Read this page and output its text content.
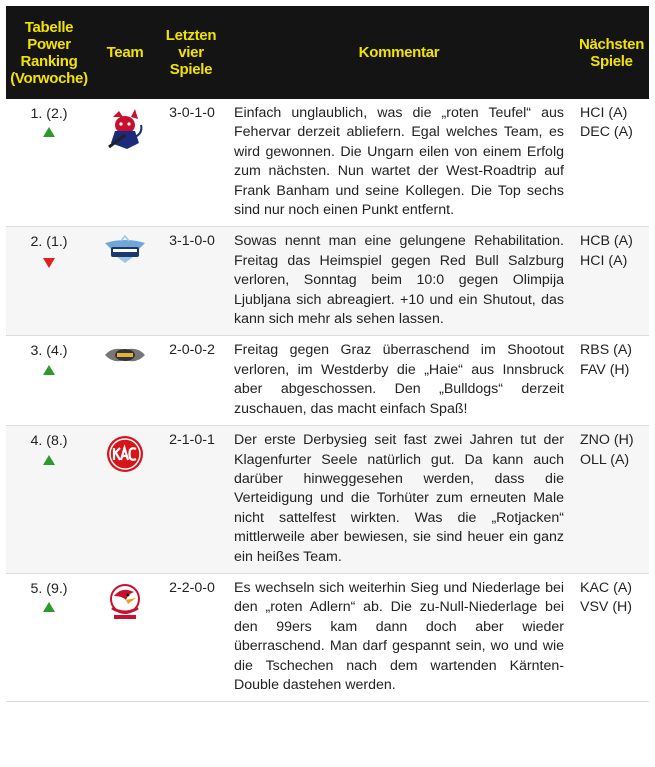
Tabelle Power Ranking (Vorwoche)	Team	Letzten vier Spiele	Kommentar	Nächsten Spiele
1. (2.)		3-0-1-0	Einfach unglaublich, was die „roten Teufel“ aus Fehervar derzeit abliefern. Egal welches Team, es wird gewonnen. Die Ungarn eilen von einem Erfolg zum nächsten. Nun wartet der West-Roadtrip auf Frank Banham und seine Kollegen. Die Top sechs sind nur noch einen Punkt entfernt.	HCI (A)
DEC (A)

2. (1.)		3-1-0-0	Sowas nennt man eine gelungene Rehabilitation. Freitag das Heimspiel gegen Red Bull Salzburg verloren, Sonntag beim 10:0 gegen Olimpija Ljubljana sich abreagiert. +10 und ein Shutout, das kann sich mehr als sehen lassen.	HCB (A)
HCI (A)

3. (4.)		2-0-0-2	Freitag gegen Graz überraschend im Shootout verloren, im Westderby die „Haie“ aus Innsbruck aber abgeschossen. Den „Bulldogs“ derzeit zuschauen, das macht einfach Spaß!	RBS (A)
FAV (H)

4. (8.)		2-1-0-1	Der erste Derbysieg seit fast zwei Jahren tut der Klagenfurter Seele natürlich gut. Da kann auch darüber hinweggesehen werden, dass die Verteidigung und die Torhüter zum erneuten Male nicht sattelfest wirkten. Was die „Rotjacken“ mittlerweile aber bewiesen, sie sind heuer ein ganz ein heißes Team.	ZNO (H)
OLL (A)

5. (9.)		2-2-0-0	Es wechseln sich weiterhin Sieg und Niederlage bei den „roten Adlern“ ab. Die zu-Null-Niederlage bei den 99ers kam dann doch aber wieder überraschend. Man darf gespannt sein, wo und wie die Tschechen nach dem wartenden Kärnten-Double dastehen werden.	KAC (A)
VSV (H)
